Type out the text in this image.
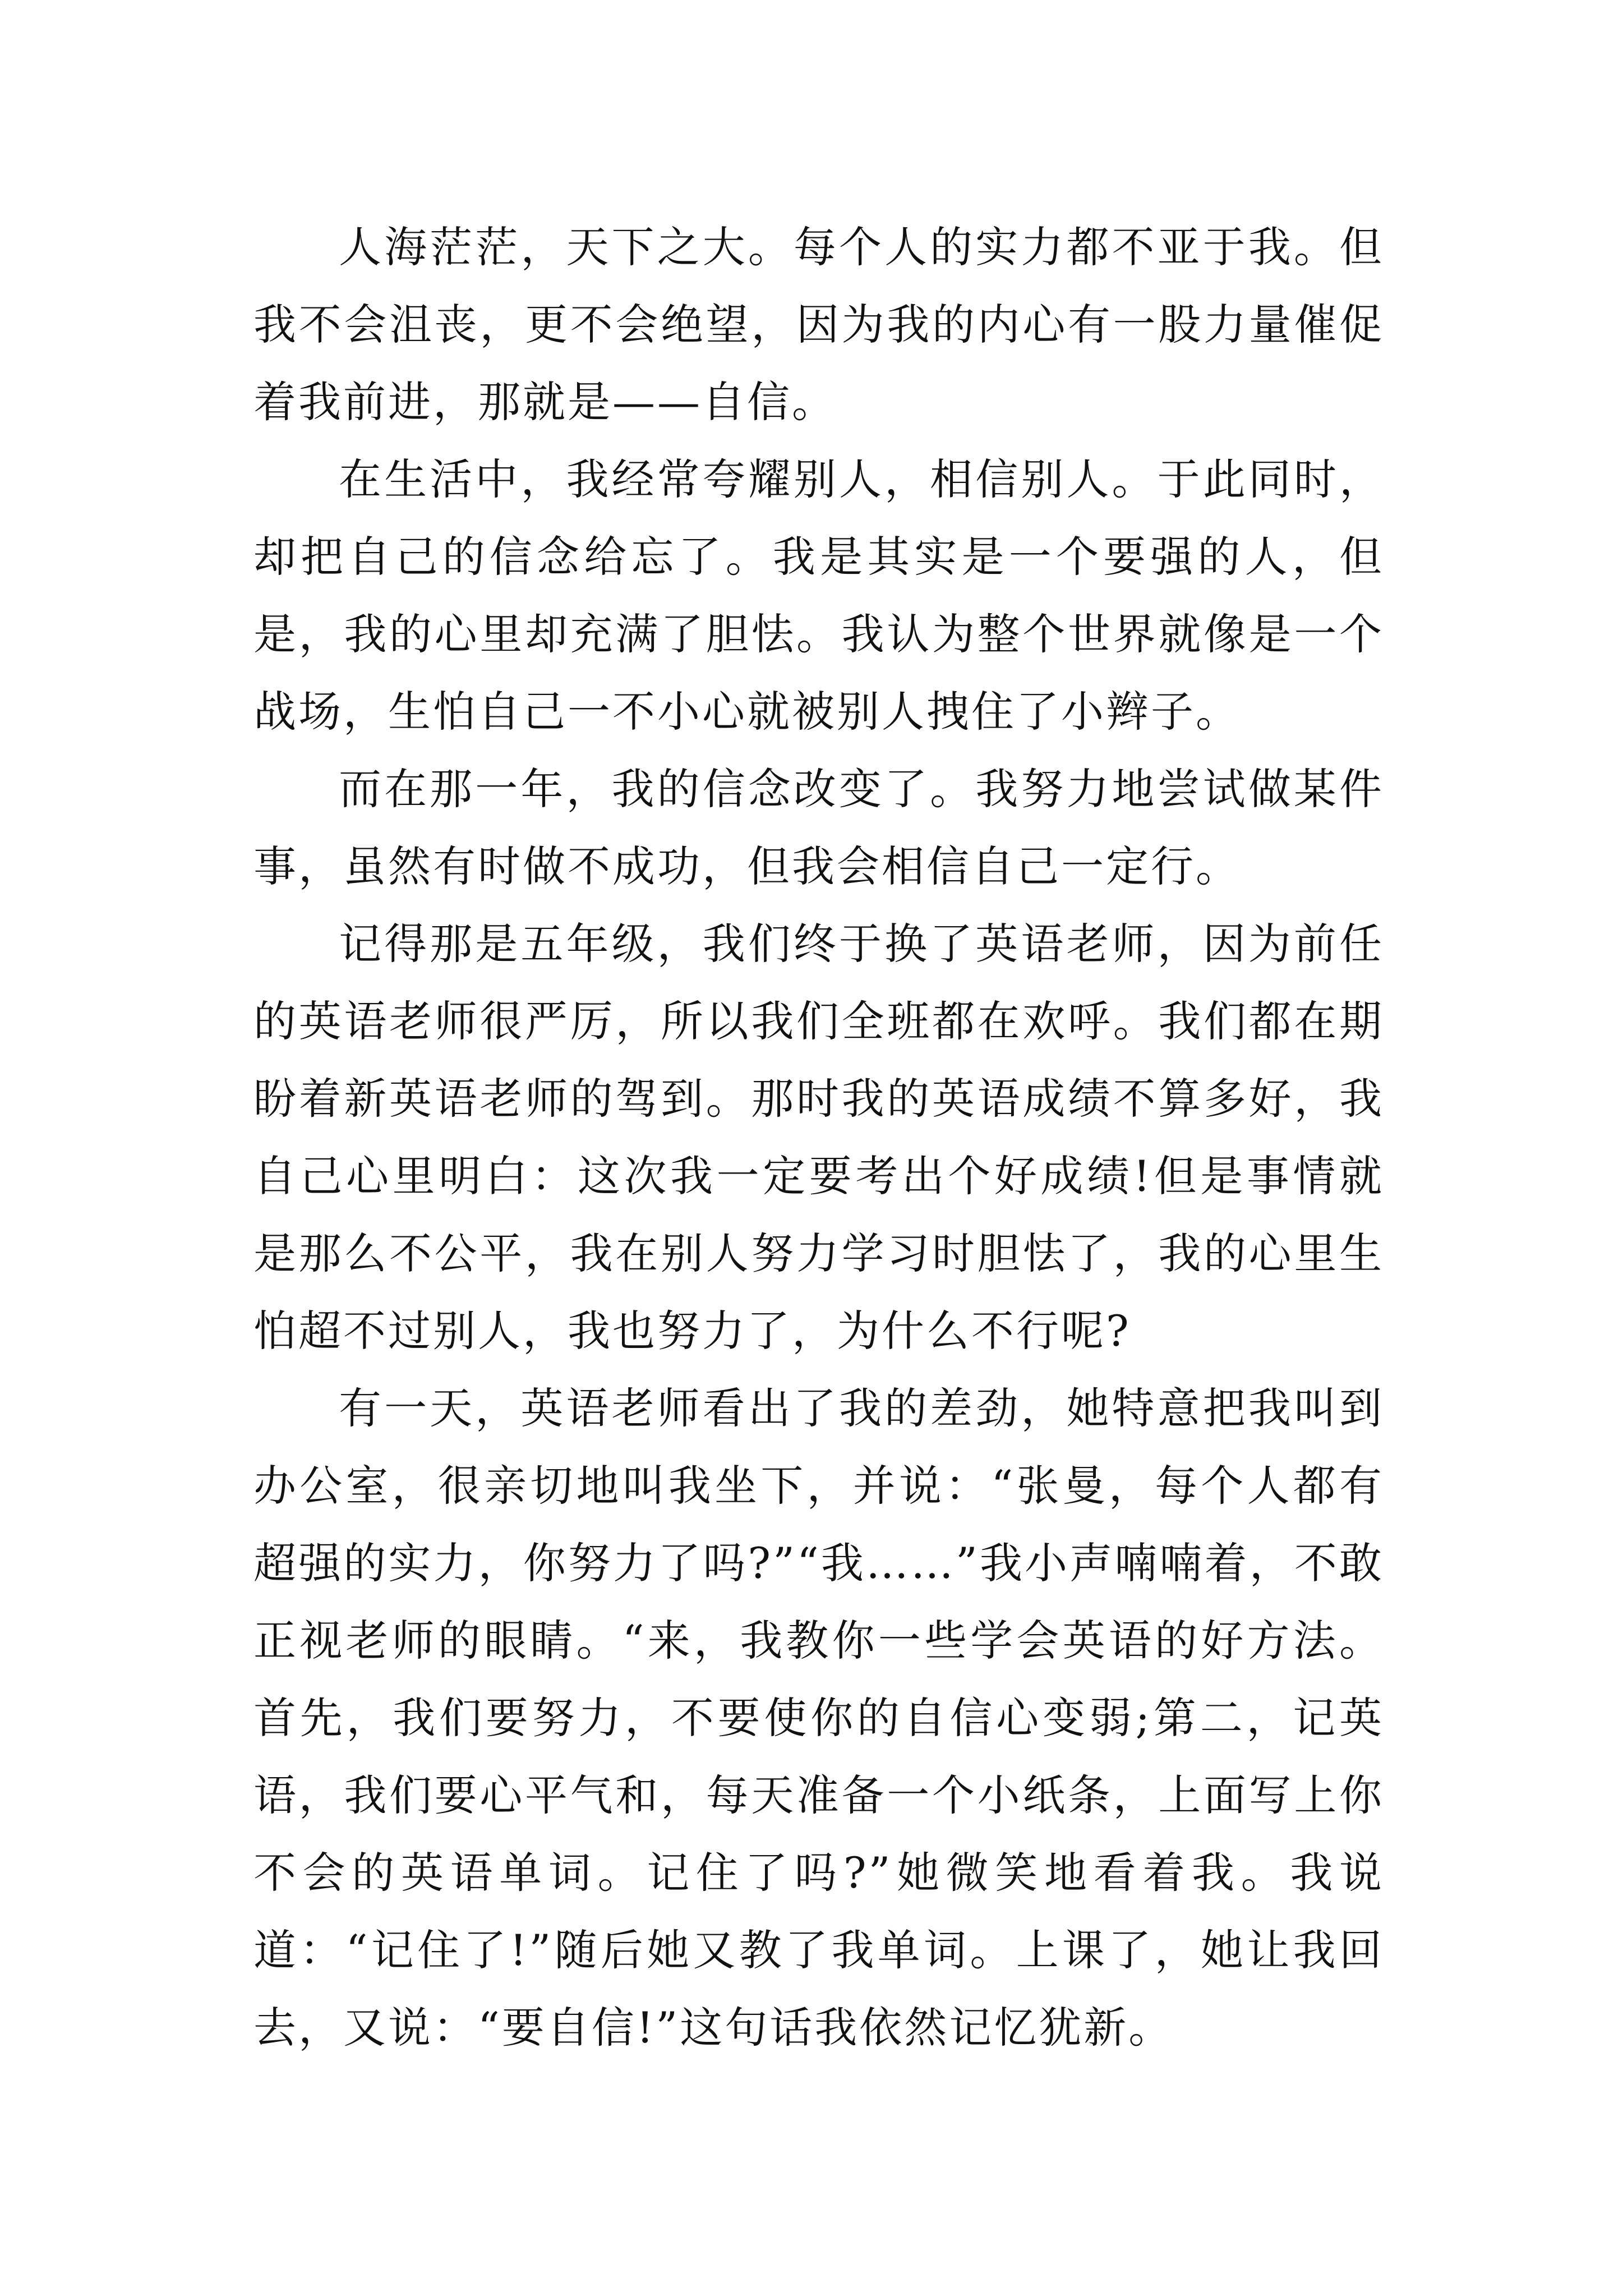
人海茫茫，天下之大。每个人的实力都不亚于我。但我不会沮丧，更不会绝望，因为我的内心有一股力量催促着我前进，那就是——自信。

在生活中，我经常夸耀别人，相信别人。于此同时，却把自己的信念给忘了。我是其实是一个要强的人，但是，我的心里却充满了胆怯。我认为整个世界就像是一个战场，生怕自己一不小心就被别人拽住了小辫子。

而在那一年，我的信念改变了。我努力地尝试做某件事，虽然有时做不成功，但我会相信自己一定行。

记得那是五年级，我们终于换了英语老师，因为前任的英语老师很严厉，所以我们全班都在欢呼。我们都在期盼着新英语老师的驾到。那时我的英语成绩不算多好，我自己心里明白：这次我一定要考出个好成绩!但是事情就是那么不公平，我在别人努力学习时胆怯了，我的心里生怕超不过别人，我也努力了，为什么不行呢?

有一天，英语老师看出了我的差劲，她特意把我叫到办公室，很亲切地叫我坐下，并说：“张曼，每个人都有超强的实力，你努力了吗?”“我……”我小声喃喃着，不敢正视老师的眼睛。“来，我教你一些学会英语的好方法。首先，我们要努力，不要使你的自信心变弱;第二，记英语，我们要心平气和，每天准备一个小纸条，上面写上你不会的英语单词。记住了吗?”她微笑地看着我。我说道：“记住了!”随后她又教了我单词。上课了，她让我回去，又说：“要自信!”这句话我依然记忆犹新。
